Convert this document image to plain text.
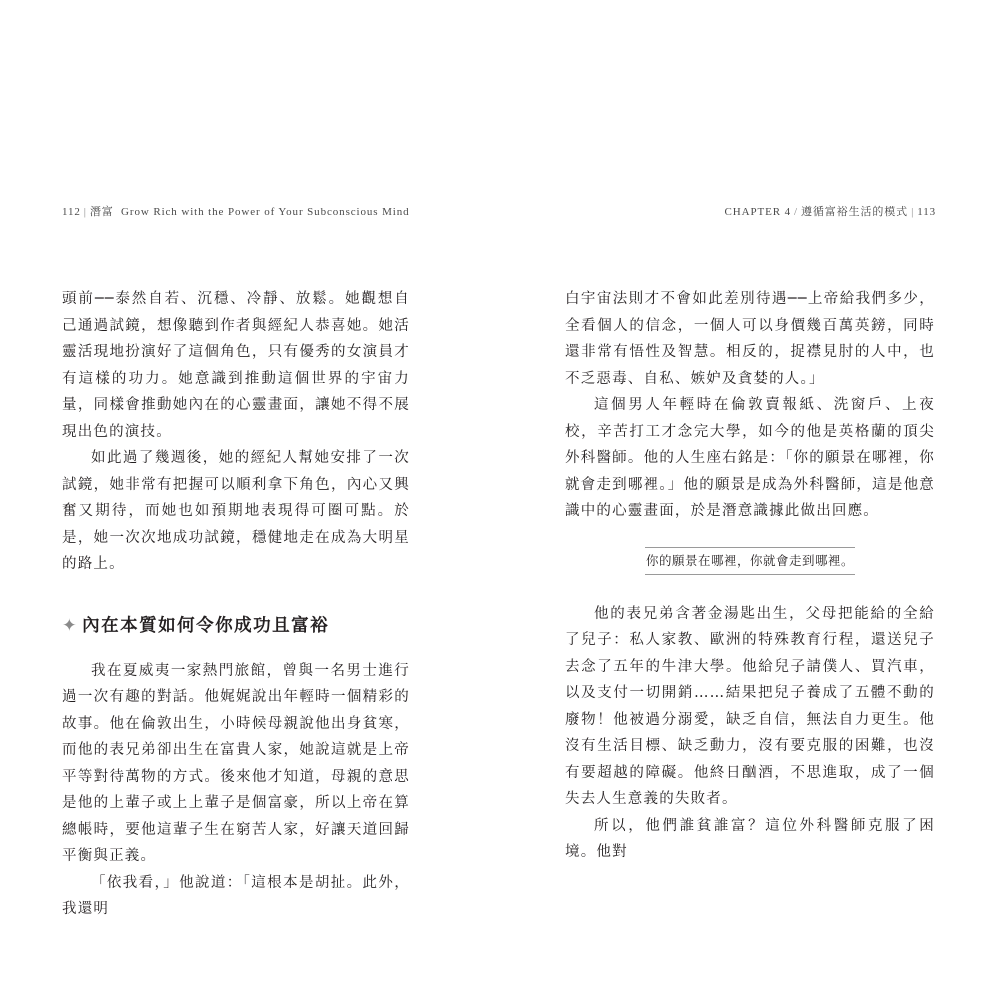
112 | 潛富 Grow Rich with the Power of Your Subconscious Mind	CHAPTER 4 / 遵循富裕生活的模式 | 113

頭前──泰然自若、沉穩、冷靜、放鬆。她觀想自己通過試鏡，想像聽到作者與經紀人恭喜她。她活靈活現地扮演好了這個角色，只有優秀的女演員才有這樣的功力。她意識到推動這個世界的宇宙力量，同樣會推動她內在的心靈畫面，讓她不得不展現出色的演技。

如此過了幾週後，她的經紀人幫她安排了一次試鏡，她非常有把握可以順利拿下角色，內心又興奮又期待，而她也如預期地表現得可圈可點。於是，她一次次地成功試鏡，穩健地走在成為大明星的路上。

✦ 內在本質如何令你成功且富裕

我在夏威夷一家熱門旅館，曾與一名男士進行過一次有趣的對話。他娓娓說出年輕時一個精彩的故事。他在倫敦出生，小時候母親說他出身貧寒，而他的表兄弟卻出生在富貴人家，她說這就是上帝平等對待萬物的方式。後來他才知道，母親的意思是他的上輩子或上上輩子是個富豪，所以上帝在算總帳時，要他這輩子生在窮苦人家，好讓天道回歸平衡與正義。

「依我看，」他說道：「這根本是胡扯。此外，我還明

白宇宙法則才不會如此差別待遇──上帝給我們多少，全看個人的信念，一個人可以身價幾百萬英鎊，同時還非常有悟性及智慧。相反的，捉襟見肘的人中，也不乏惡毒、自私、嫉妒及貪婪的人。」

這個男人年輕時在倫敦賣報紙、洗窗戶、上夜校，辛苦打工才念完大學，如今的他是英格蘭的頂尖外科醫師。他的人生座右銘是：「你的願景在哪裡，你就會走到哪裡。」他的願景是成為外科醫師，這是他意識中的心靈畫面，於是潛意識據此做出回應。

你的願景在哪裡，你就會走到哪裡。

他的表兄弟含著金湯匙出生，父母把能給的全給了兒子：私人家教、歐洲的特殊教育行程，還送兒子去念了五年的牛津大學。他給兒子請僕人、買汽車，以及支付一切開銷……結果把兒子養成了五體不動的廢物！他被過分溺愛，缺乏自信，無法自力更生。他沒有生活目標、缺乏動力，沒有要克服的困難，也沒有要超越的障礙。他終日酗酒，不思進取，成了一個失去人生意義的失敗者。

所以，他們誰貧誰富？這位外科醫師克服了困境。他對
